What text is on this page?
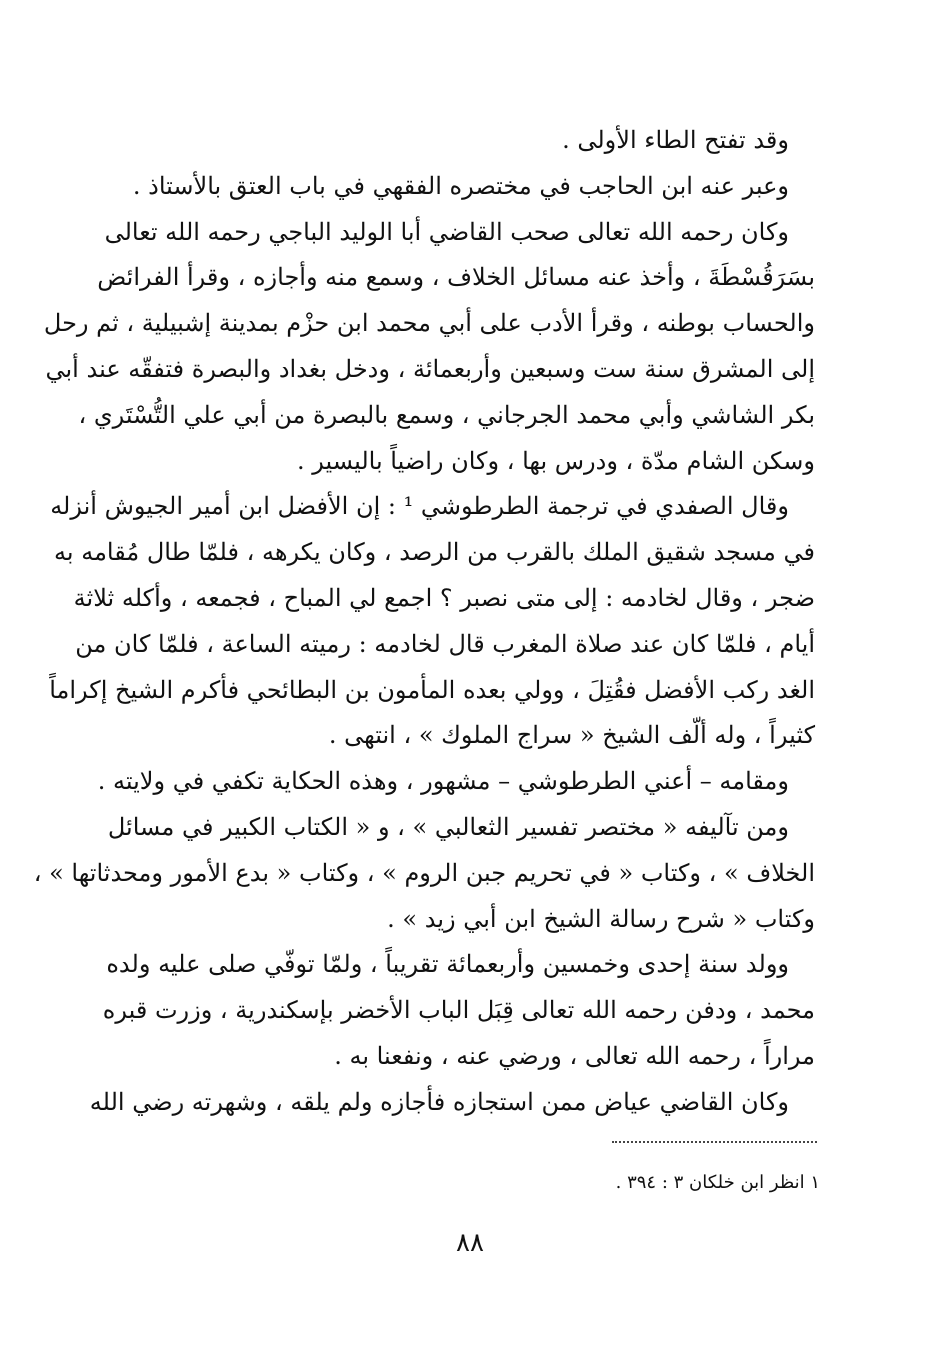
وقد تفتح الطاء الأولى .
وعبر عنه ابن الحاجب في مختصره الفقهي في باب العتق بالأستاذ .
وكان رحمه الله تعالى صحب القاضي أبا الوليد الباجي رحمه الله تعالى
بسَرَقُسْطَةَ ، وأخذ عنه مسائل الخلاف ، وسمع منه وأجازه ، وقرأ الفرائض
والحساب بوطنه ، وقرأ الأدب على أبي محمد ابن حزْم بمدينة إشبيلية ، ثم رحل
إلى المشرق سنة ست وسبعين وأربعمائة ، ودخل بغداد والبصرة فتفقّه عند أبي
بكر الشاشي وأبي محمد الجرجاني ، وسمع بالبصرة من أبي علي التُّسْتَري ،
وسكن الشام مدّة ، ودرس بها ، وكان راضياً باليسير .
وقال الصفدي في ترجمة الطرطوشي ¹ : إن الأفضل ابن أمير الجيوش أنزله
في مسجد شقيق الملك بالقرب من الرصد ، وكان يكرهه ، فلمّا طال مُقامه به
ضجر ، وقال لخادمه : إلى متى نصبر ؟ اجمع لي المباح ، فجمعه ، وأكله ثلاثة
أيام ، فلمّا كان عند صلاة المغرب قال لخادمه : رميته الساعة ، فلمّا كان من
الغد ركب الأفضل فقُتِلَ ، وولي بعده المأمون بن البطائحي فأكرم الشيخ إكراماً
كثيراً ، وله ألّف الشيخ « سراج الملوك » ، انتهى .
ومقامه – أعني الطرطوشي – مشهور ، وهذه الحكاية تكفي في ولايته .
ومن تآليفه « مختصر تفسير الثعالبي » ، و « الكتاب الكبير في مسائل
الخلاف » ، وكتاب « في تحريم جبن الروم » ، وكتاب « بدع الأمور ومحدثاتها » ،
وكتاب « شرح رسالة الشيخ ابن أبي زيد » .
وولد سنة إحدى وخمسين وأربعمائة تقريباً ، ولمّا توفّي صلى عليه ولده
محمد ، ودفن رحمه الله تعالى قِبَل الباب الأخضر بإسكندرية ، وزرت قبره
مراراً ، رحمه الله تعالى ، ورضي عنه ، ونفعنا به .
وكان القاضي عياض ممن استجازه فأجازه ولم يلقه ، وشهرته رضي الله
١ انظر ابن خلكان ٣ : ٣٩٤ .
٨٨
